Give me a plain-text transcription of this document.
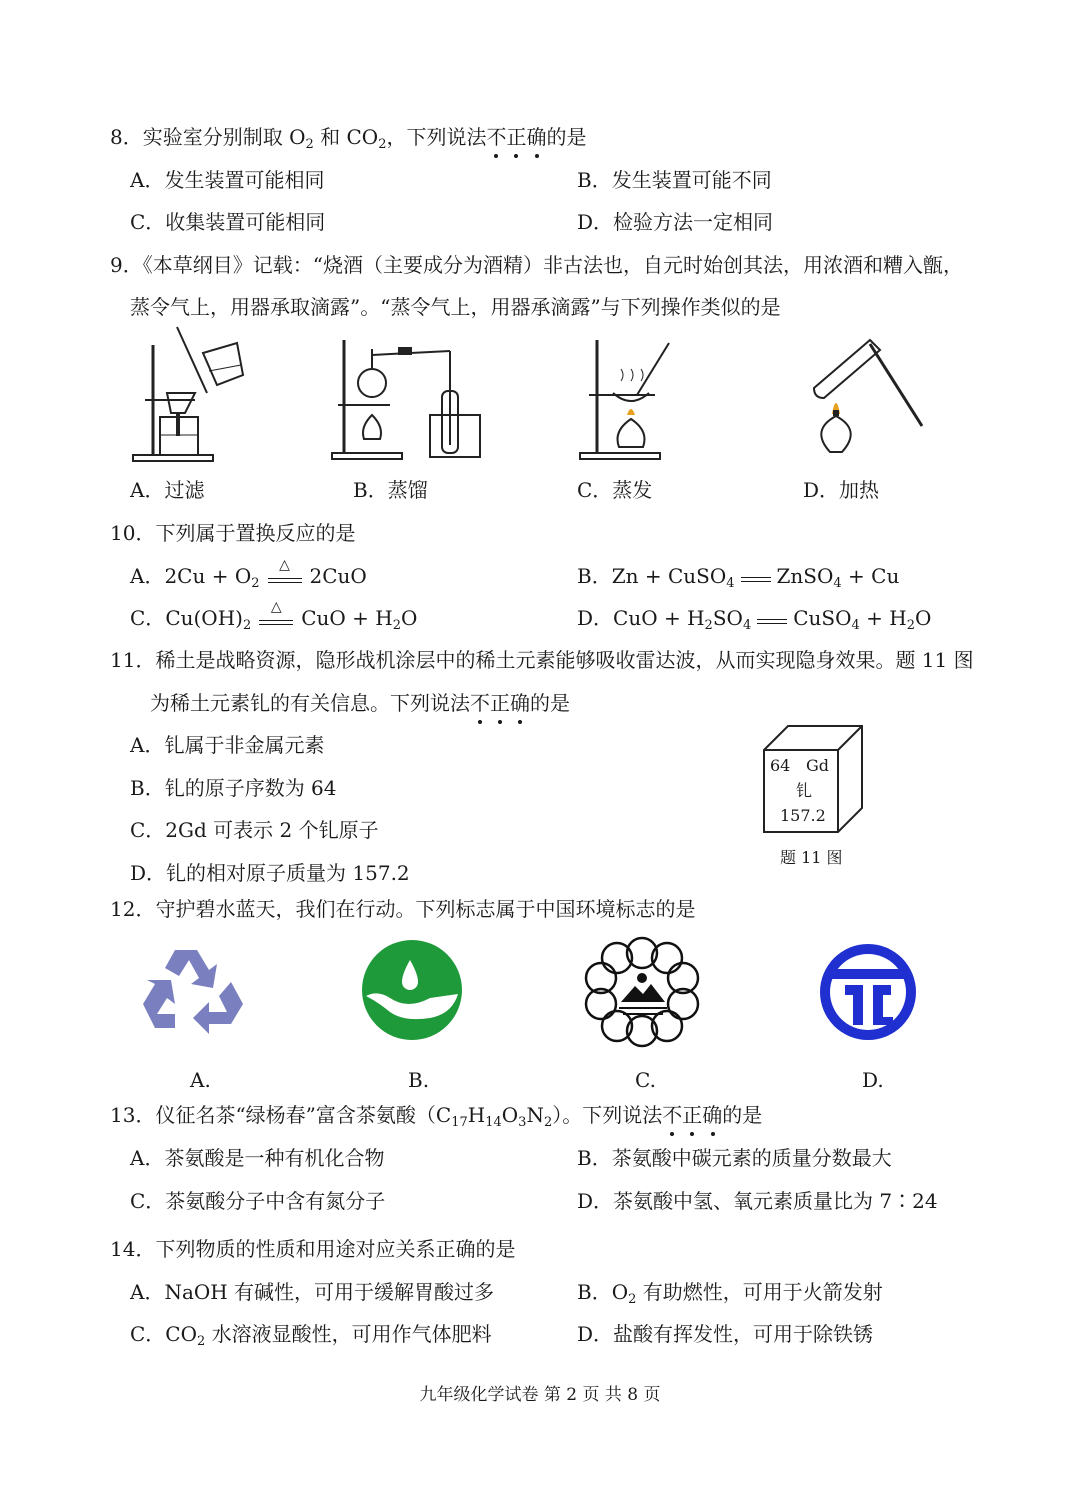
8．实验室分别制取 $O_2$ 和 $CO_2$，下列说法不正确
的是
A．发生装置可能相同	B．发生装置可能不同
C．收集装置可能相同	D．检验方法一定相同
9．《本草纲目》记载：“烧酒（主要成分为酒精）非古法也，自元时始创其法，用浓酒和糟入甑，
蒸令气上，用器承取滴露”。“蒸令气上，用器承滴露”与下列操作类似的是
A．过滤	B．蒸馏	C．蒸发	D．加热
10．下列属于置换反应的是
A．$2Cu + O_2$
△ 2CuO	B．Zn + CuSO$_4$ ZnSO$_4$ + Cu
C．$Cu(OH)_2$
△ CuO + $H_2O$	D．CuO + $H_2SO_4$ CuSO$_4$ + $H_2O$
11．稀土是战略资源，隐形战机涂层中的稀土元素能够吸收雷达波，从而实现隐身效果。题 11 图
为稀土元素钆的有关信息。下列说法不正确
的是
A．钆属于非金属元素
B．钆的原子序数为 64
C．2Gd 可表示 2 个钆原子
D．钆的相对原子质量为 157.2
64 Gd
钆
157.2
题 11 图
12．守护碧水蓝天，我们在行动。下列标志属于中国环境标志的是
A.	B.	C.	D.
13．仪征名茶“绿杨春”富含茶氨酸$(C_{17}H_{14}O_3N_2)$。下列说法不正确
的是
A．茶氨酸是一种有机化合物	B．茶氨酸中碳元素的质量分数最大
C．茶氨酸分子中含有氮分子	D．茶氨酸中氢、氧元素质量比为 7∶24
14．下列物质的性质和用途对应关系正确的是
A．NaOH 有碱性，可用于缓解胃酸过多	B．$O_2$ 有助燃性，可用于火箭发射
C．$CO_2$ 水溶液显酸性，可用作气体肥料	D．盐酸有挥发性，可用于除铁锈
九年级化学试卷 第 2 页 共 8 页
